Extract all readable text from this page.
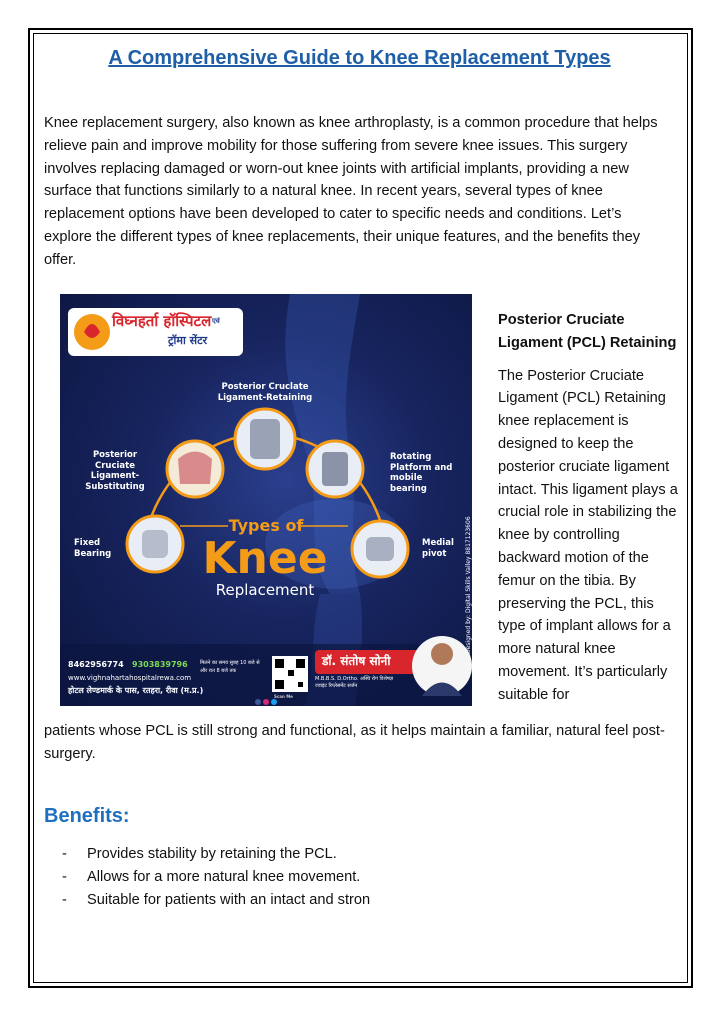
A Comprehensive Guide to Knee Replacement Types
Knee replacement surgery, also known as knee arthroplasty, is a common procedure that helps relieve pain and improve mobility for those suffering from severe knee issues. This surgery involves replacing damaged or worn-out knee joints with artificial implants, providing a new surface that functions similarly to a natural knee. In recent years, several types of knee replacement options have been developed to cater to specific needs and conditions. Let’s explore the different types of knee replacements, their unique features, and the benefits they offer.
विघ्नहर्ता हॉस्पिटल एवं
ट्रॉमा सेंटर
Posterior Cruclate Ligament-Retaining
Posterior Cruciate Ligament-Substituting
Rotating Platform and mobile bearing
Fixed Bearing
Medial pivot
Types of
Knee
Replacement
8462956774 9303839796
www.vighnahartahospitalrewa.com
होटल लेण्डमार्क के पास, रतहरा, रीवा (म.प्र.)
मिलने का समय सुबह 10 बजे से
और रात 8 बजे तक
Scan Me
डॉ. संतोष सोनी
M.B.B.S. D.Ortho. अस्थि रोग विशेषज्ञ
ज्वाइंट रिप्लेसमेंट सर्जन
Designed by: Digital Skills Valley 8817123606
Posterior Cruciate Ligament (PCL) Retaining
The Posterior Cruciate Ligament (PCL) Retaining knee replacement is designed to keep the posterior cruciate ligament intact. This ligament plays a crucial role in stabilizing the knee by controlling backward motion of the femur on the tibia. By preserving the PCL, this type of implant allows for a more natural knee movement. It’s particularly suitable for
patients whose PCL is still strong and functional, as it helps maintain a familiar, natural feel post-surgery.
Benefits:
- Provides stability by retaining the PCL.
- Allows for a more natural knee movement.
- Suitable for patients with an intact and stron
